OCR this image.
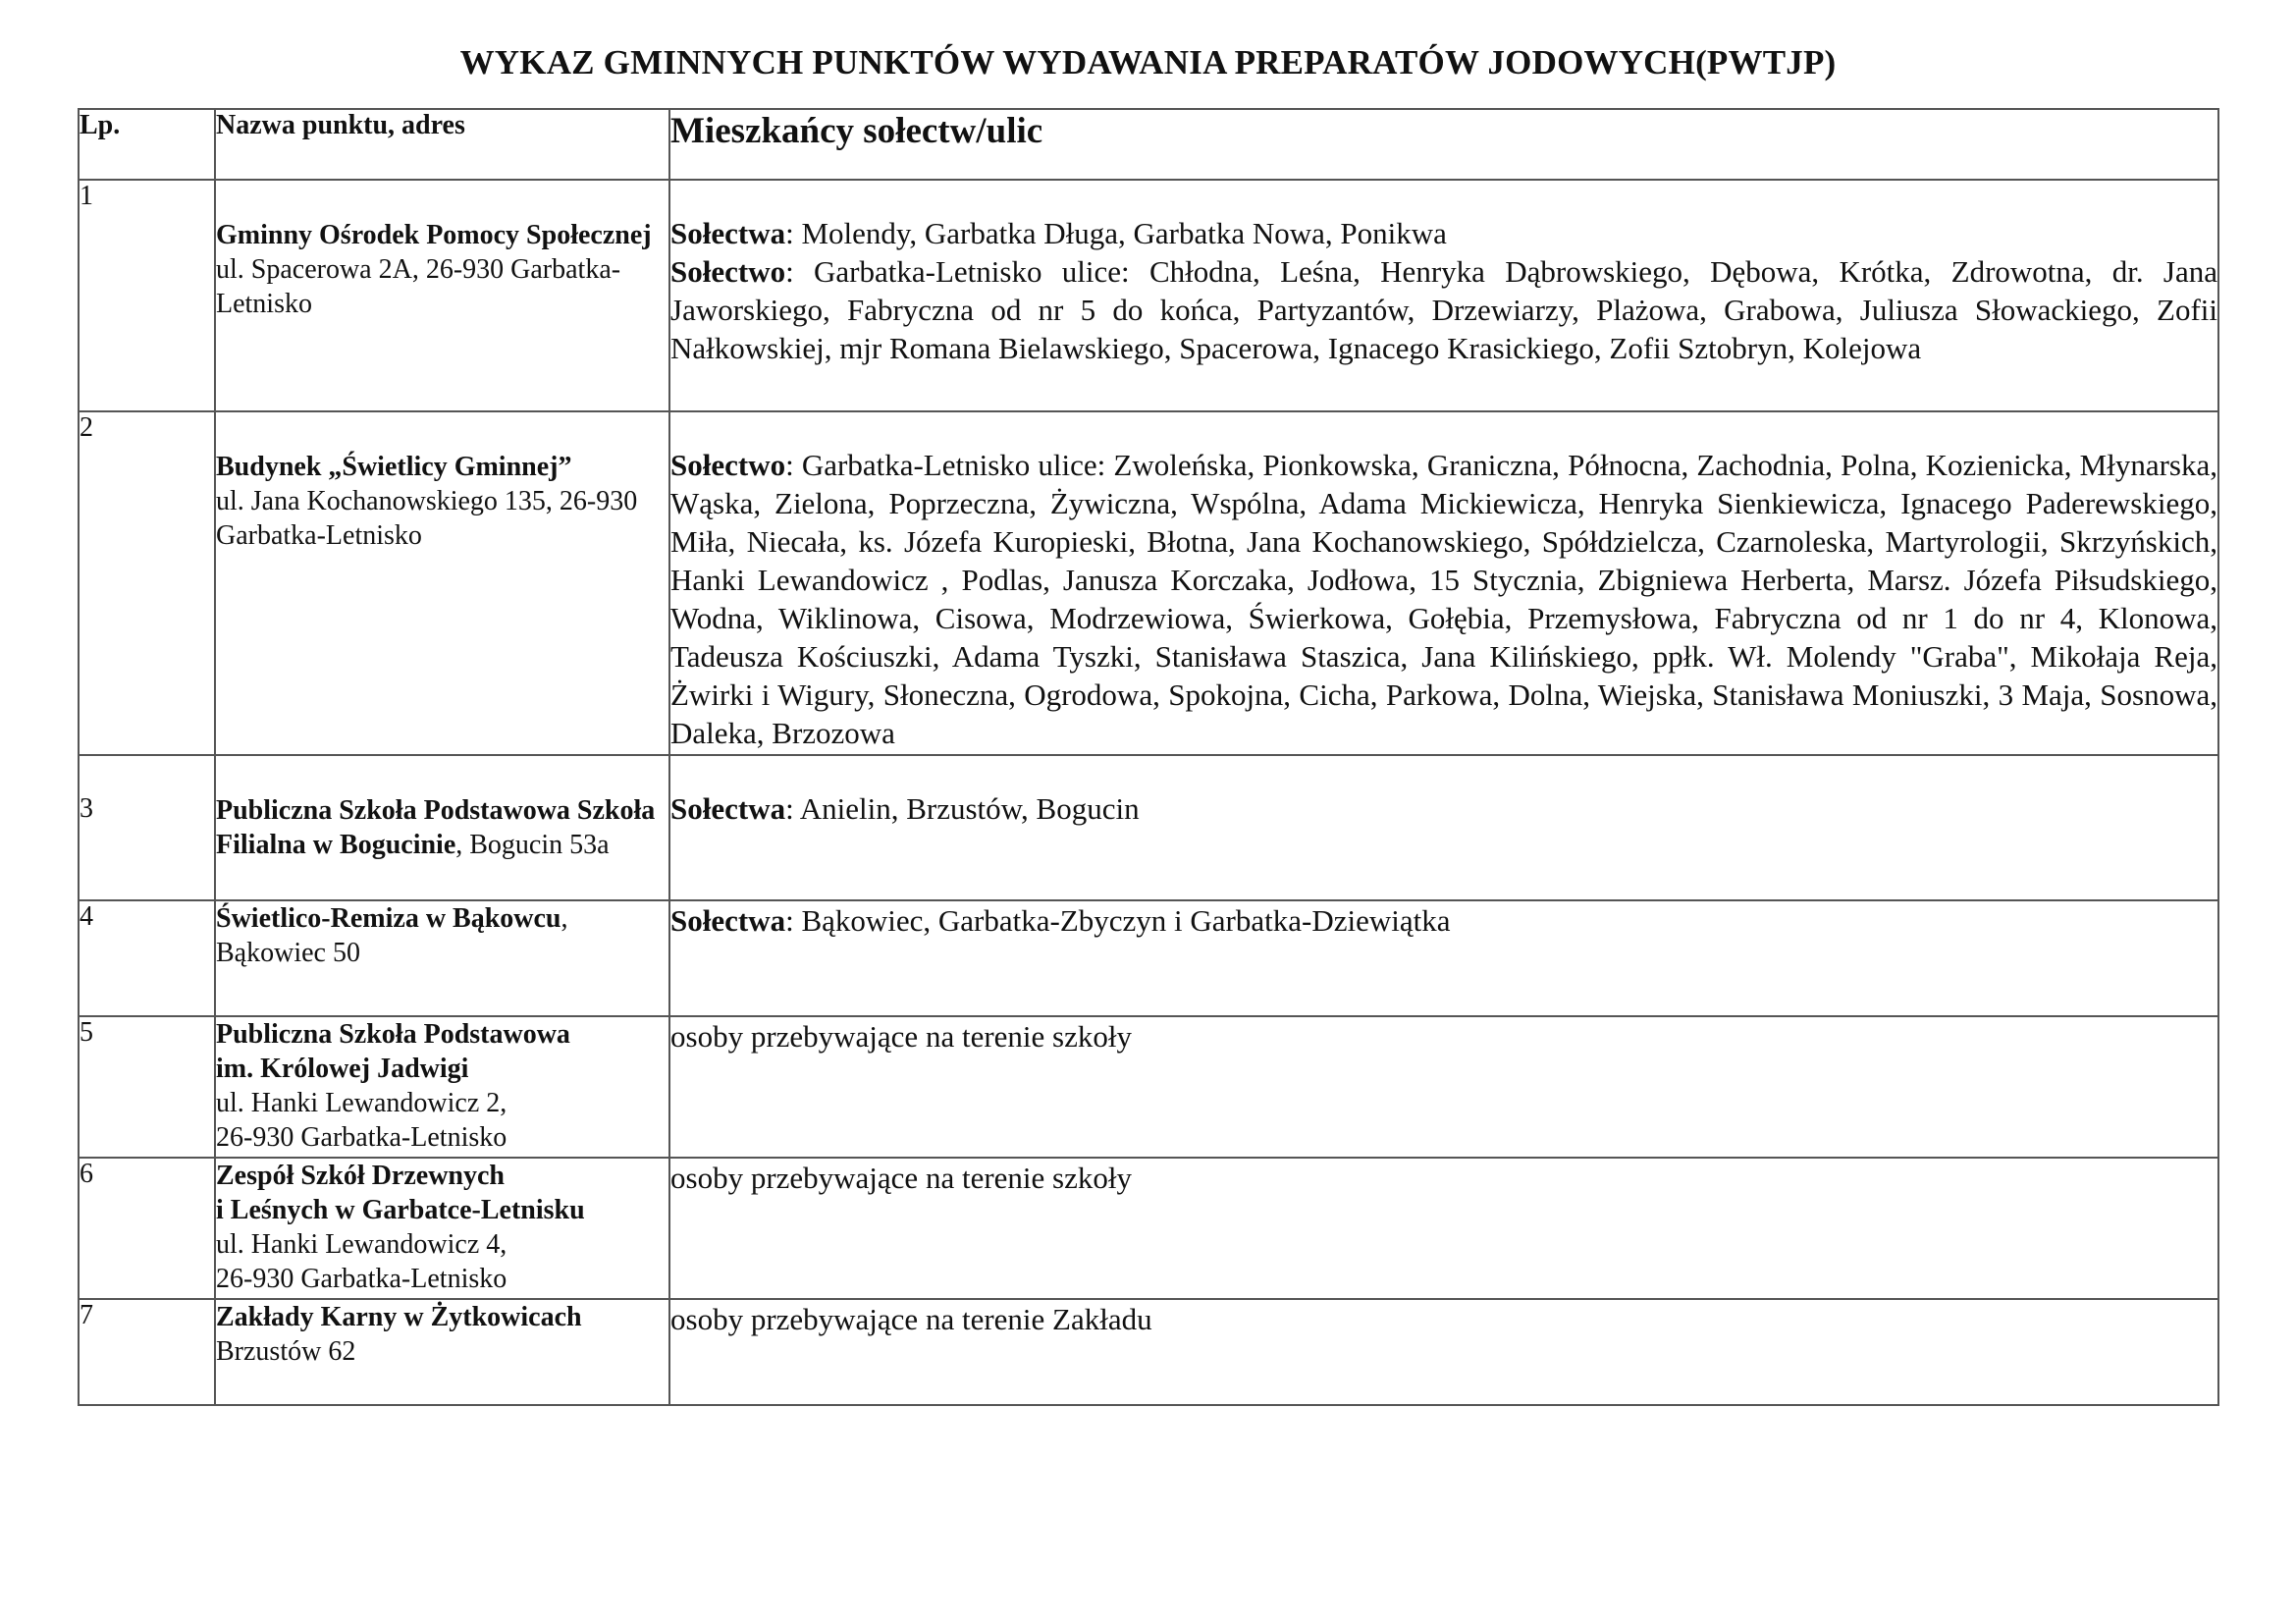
WYKAZ GMINNYCH PUNKTÓW WYDAWANIA PREPARATÓW JODOWYCH(PWTJP)
Lp.	Nazwa punktu, adres	Mieszkańcy sołectw/ulic
1	Gminny Ośrodek Pomocy Społecznej ul. Spacerowa 2A, 26-930 Garbatka-Letnisko	Sołectwa: Molendy, Garbatka Długa, Garbatka Nowa, Ponikwa
Sołectwo: Garbatka-Letnisko ulice: Chłodna, Leśna, Henryka Dąbrowskiego, Dębowa, Krótka, Zdrowotna, dr. Jana Jaworskiego, Fabryczna od nr 5 do końca, Partyzantów, Drzewiarzy, Plażowa, Grabowa, Juliusza Słowackiego, Zofii Nałkowskiej, mjr Romana Bielawskiego, Spacerowa, Ignacego Krasickiego, Zofii Sztobryn, Kolejowa

2	Budynek „Świetlicy Gminnej”
ul. Jana Kochanowskiego 135, 26-930 Garbatka-Letnisko	Sołectwo: Garbatka-Letnisko ulice: Zwoleńska, Pionkowska, Graniczna, Północna, Zachodnia, Polna, Kozienicka, Młynarska, Wąska, Zielona, Poprzeczna, Żywiczna, Wspólna, Adama Mickiewicza, Henryka Sienkiewicza, Ignacego Paderewskiego, Miła, Niecała, ks. Józefa Kuropieski, Błotna, Jana Kochanowskiego, Spółdzielcza, Czarnoleska, Martyrologii, Skrzyńskich, Hanki Lewandowicz , Podlas, Janusza Korczaka, Jodłowa, 15 Stycznia, Zbigniewa Herberta, Marsz. Józefa Piłsudskiego, Wodna, Wiklinowa, Cisowa, Modrzewiowa, Świerkowa, Gołębia, Przemysłowa, Fabryczna od nr 1 do nr 4, Klonowa, Tadeusza Kościuszki, Adama Tyszki, Stanisława Staszica, Jana Kilińskiego, ppłk. Wł. Molendy "Graba", Mikołaja Reja, Żwirki i Wigury, Słoneczna, Ogrodowa, Spokojna, Cicha, Parkowa, Dolna, Wiejska, Stanisława Moniuszki, 3 Maja, Sosnowa, Daleka, Brzozowa

3	Publiczna Szkoła Podstawowa Szkoła Filialna w Bogucinie, Bogucin 53a	Sołectwa: Anielin, Brzustów, Bogucin

4	Świetlico-Remiza w Bąkowcu, Bąkowiec 50	Sołectwa: Bąkowiec, Garbatka-Zbyczyn i Garbatka-Dziewiątka

5	Publiczna Szkoła Podstawowa
im. Królowej Jadwigi
ul. Hanki Lewandowicz 2,
26-930 Garbatka-Letnisko	osoby przebywające na terenie szkoły
6	Zespół Szkół Drzewnych
i Leśnych w Garbatce-Letnisku
ul. Hanki Lewandowicz 4,
26-930 Garbatka-Letnisko	osoby przebywające na terenie szkoły
7	Zakłady Karny w Żytkowicach
Brzustów 62	osoby przebywające na terenie Zakładu
